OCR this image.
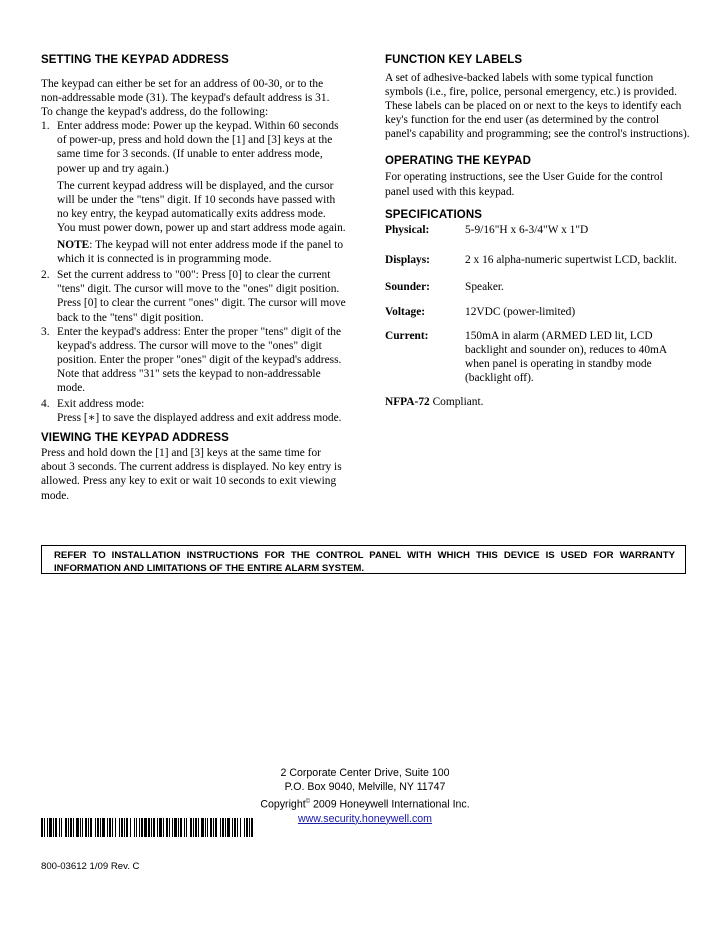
SETTING THE KEYPAD ADDRESS

The keypad can either be set for an address of 00-30, or to the non-addressable mode (31). The keypad's default address is 31.

To change the keypad's address, do the following:

1. Enter address mode: Power up the keypad. Within 60 seconds of power-up, press and hold down the [1] and [3] keys at the same time for 3 seconds. (If unable to enter address mode, power up and try again.)

The current keypad address will be displayed, and the cursor will be under the "tens" digit. If 10 seconds have passed with no key entry, the keypad automatically exits address mode. You must power down, power up and start address mode again.

NOTE: The keypad will not enter address mode if the panel to which it is connected is in programming mode.

2. Set the current address to "00": Press [0] to clear the current "tens" digit. The cursor will move to the "ones" digit position. Press [0] to clear the current "ones" digit. The cursor will move back to the "tens" digit position.

3. Enter the keypad's address: Enter the proper "tens" digit of the keypad's address. The cursor will move to the "ones" digit position. Enter the proper "ones" digit of the keypad's address. Note that address "31" sets the keypad to non-addressable mode.

4. Exit address mode:

Press [∗] to save the displayed address and exit address mode.

VIEWING THE KEYPAD ADDRESS

Press and hold down the [1] and [3] keys at the same time for about 3 seconds. The current address is displayed. No key entry is allowed. Press any key to exit or wait 10 seconds to exit viewing mode.

FUNCTION KEY LABELS

A set of adhesive-backed labels with some typical function symbols (i.e., fire, police, personal emergency, etc.) is provided. These labels can be placed on or next to the keys to identify each key's function for the end user (as determined by the control panel's capability and programming; see the control's instructions).

OPERATING THE KEYPAD

For operating instructions, see the User Guide for the control panel used with this keypad.

SPECIFICATIONS
Physical:	5-9/16"H x 6-3/4"W x 1"D
Displays:	2 x 16 alpha-numeric supertwist LCD, backlit.
Sounder:	Speaker.
Voltage:	12VDC (power-limited)
Current:	150mA in alarm (ARMED LED lit, LCD backlight and sounder on), reduces to 40mA when panel is operating in standby mode (backlight off).

NFPA-72 Compliant.

REFER TO INSTALLATION INSTRUCTIONS FOR THE CONTROL PANEL WITH WHICH THIS DEVICE IS USED FOR WARRANTY INFORMATION AND LIMITATIONS OF THE ENTIRE ALARM SYSTEM.
2 Corporate Center Drive, Suite 100
P.O. Box 9040, Melville, NY 11747
Copyright© 2009 Honeywell International Inc.
www.security.honeywell.com
800-03612 1/09 Rev. C
